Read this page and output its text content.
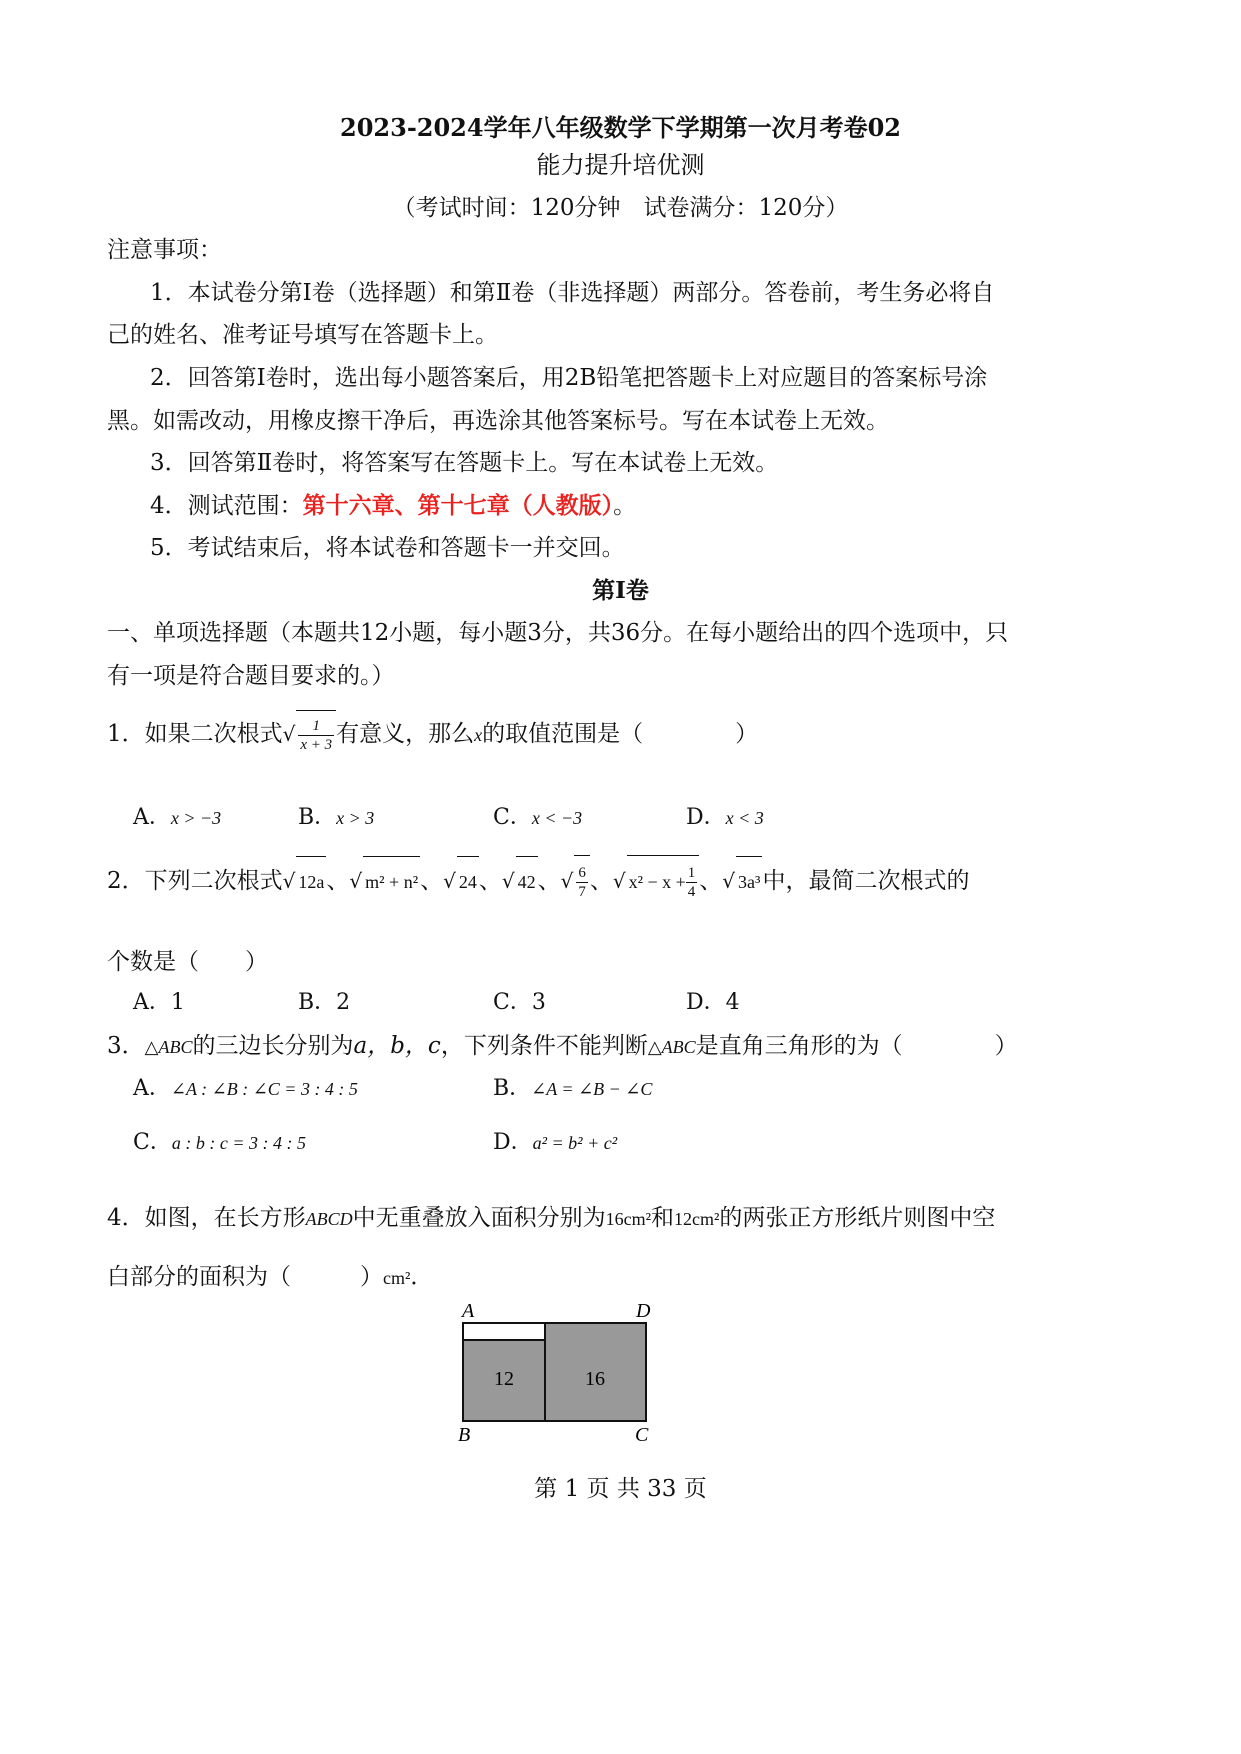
2023-2024学年八年级数学下学期第一次月考卷02
能力提升培优测
（考试时间：120分钟　试卷满分：120分）
注意事项：
1．本试卷分第Ⅰ卷（选择题）和第Ⅱ卷（非选择题）两部分。答卷前，考生务必将自
己的姓名、准考证号填写在答题卡上。
2．回答第Ⅰ卷时，选出每小题答案后，用2B铅笔把答题卡上对应题目的答案标号涂
黑。如需改动，用橡皮擦干净后，再选涂其他答案标号。写在本试卷上无效。
3．回答第Ⅱ卷时，将答案写在答题卡上。写在本试卷上无效。
4．测试范围：第十六章、第十七章（人教版）。
5．考试结束后，将本试卷和答题卡一并交回。
第Ⅰ卷
一、单项选择题（本题共12小题，每小题3分，共36分。在每小题给出的四个选项中，只
有一项是符合题目要求的。）
1．如果二次根式√ $\frac{1}{x + 3}$ 有意义，那么x的取值范围是（　　　　）
A．x > −3	B．x > 3	C．x < −3	D．x < 3
2．下列二次根式√ 12a、√ m² + n²、√ 24、√ 42、√ $\frac{6}{7}$ 、√ $x^2 - x + \frac{1}{4}$ 、√ 3a³中，最简二次根式的
个数是（　　）
A．1	B．2	C．3	D．4
3．△ABC的三边长分别为a，b，c，下列条件不能判断△ABC是直角三角形的为（　　　　）
A．∠A : ∠B : ∠C = 3 : 4 : 5	B．∠A = ∠B − ∠C
C．a : b : c = 3 : 4 : 5	D．a² = b² + c²
4．如图，在长方形ABCD中无重叠放入面积分别为16cm²和12cm²的两张正方形纸片则图中空
白部分的面积为（　　　）cm²．
12	16
A	D
B	C
第 1 页 共 33 页
